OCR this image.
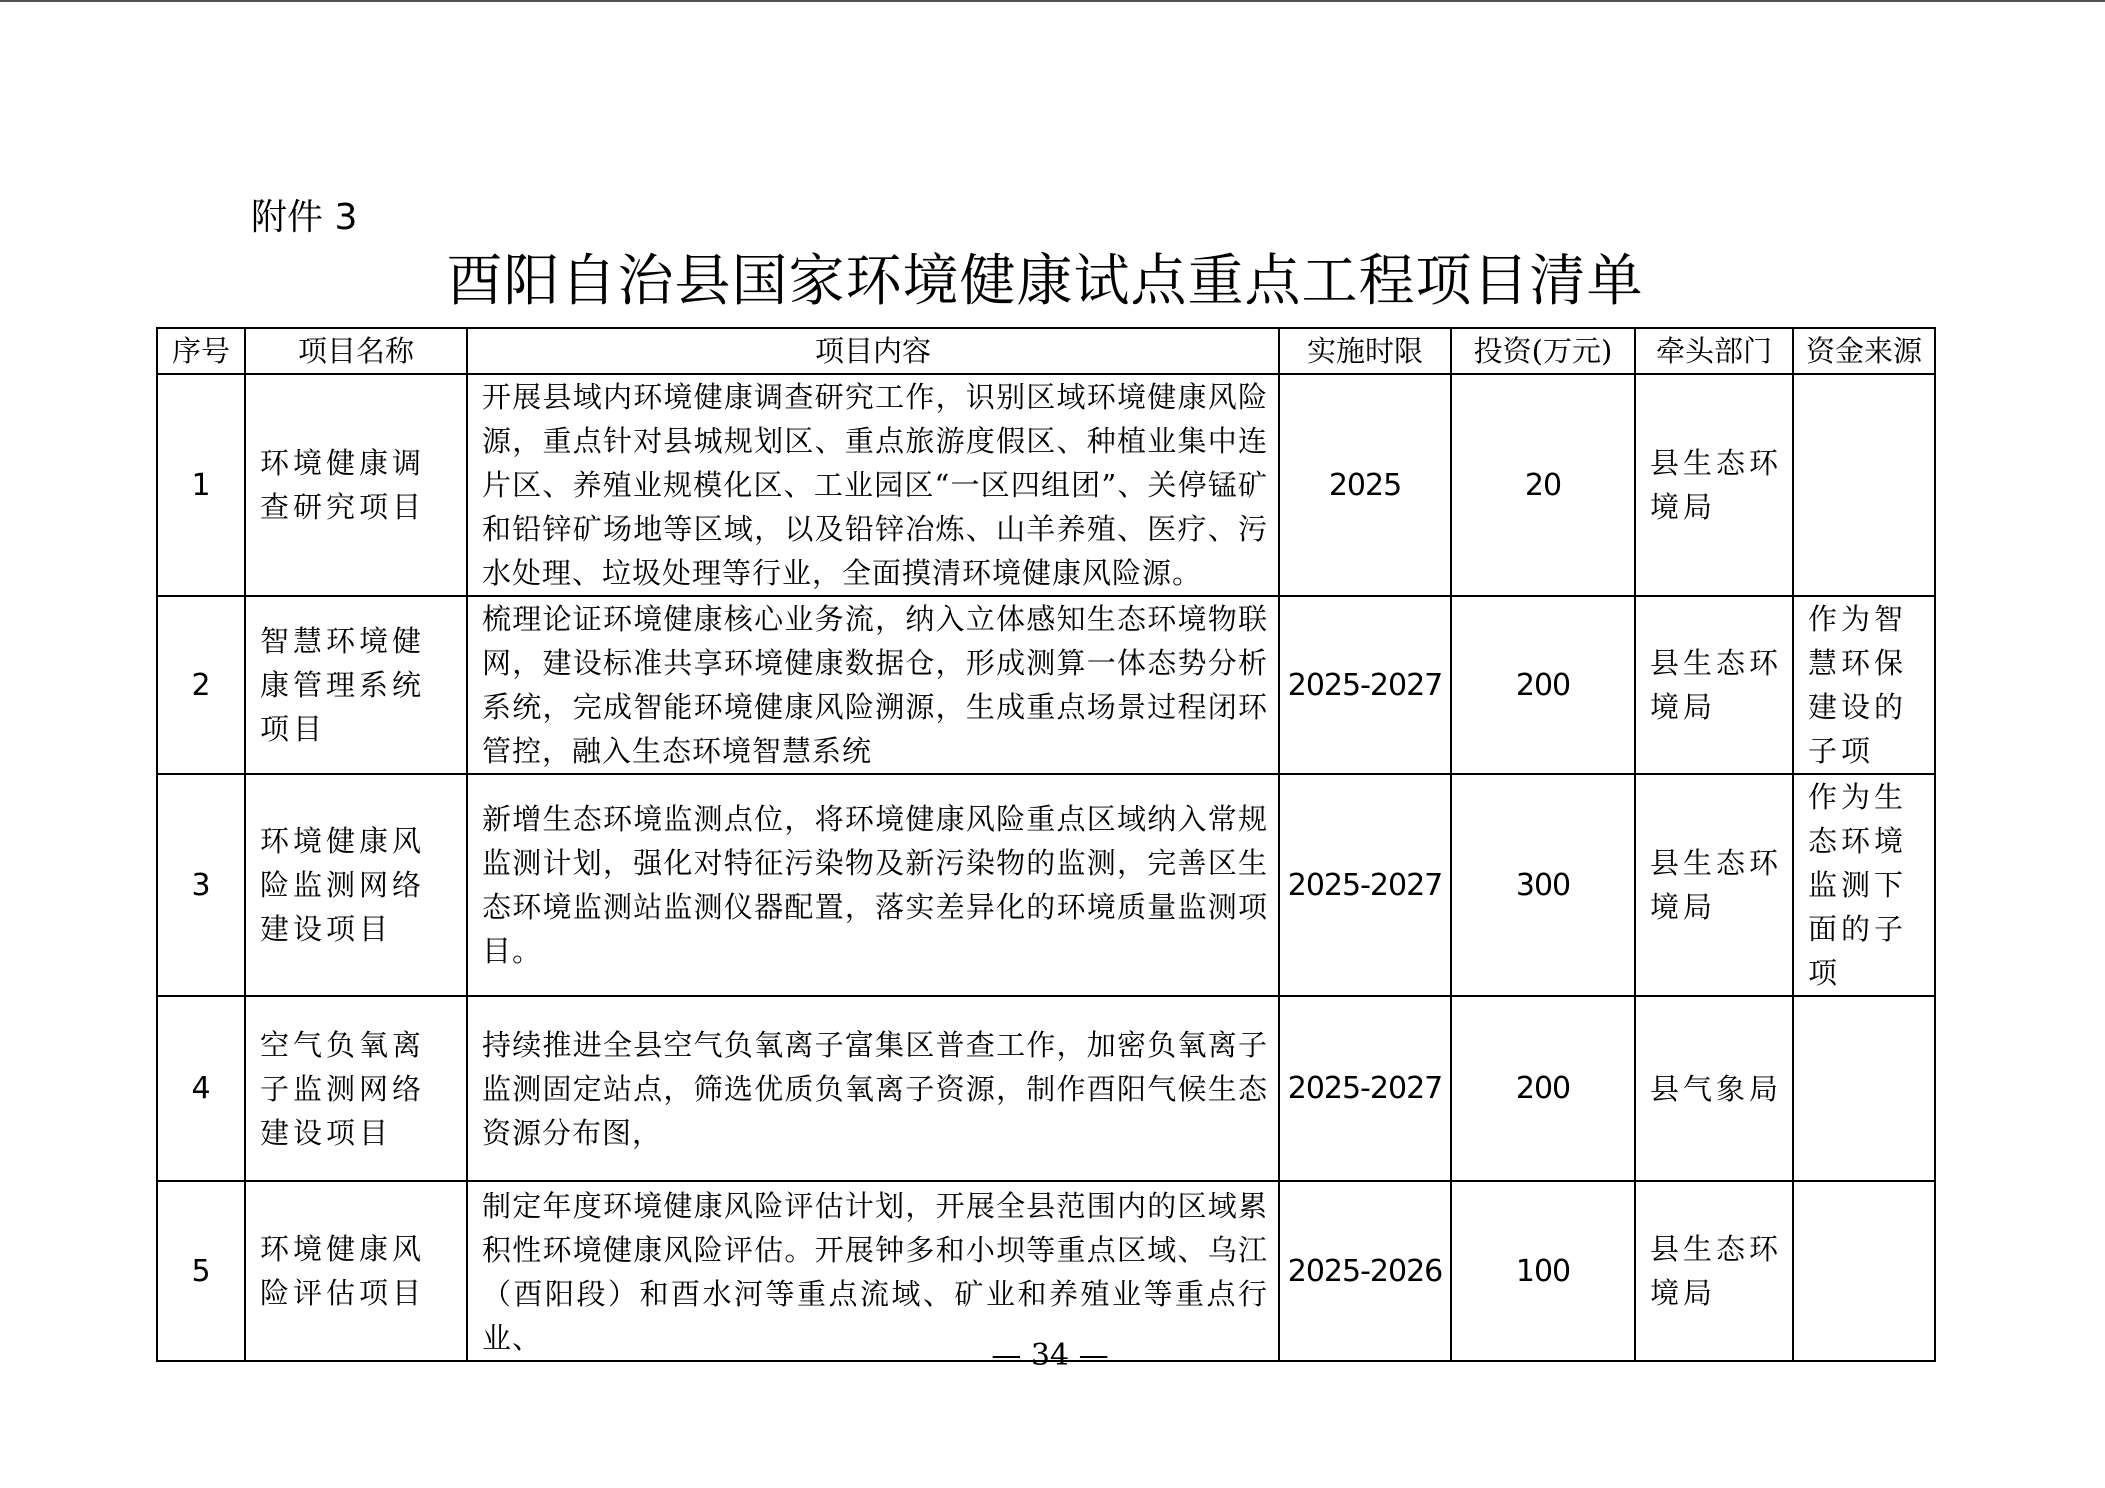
附件 3
酉阳自治县国家环境健康试点重点工程项目清单
序号	项目名称	项目内容	实施时限	投资(万元)	牵头部门	资金来源
1	环境健康调查研究项目	开展县域内环境健康调查研究工作，识别区域环境健康风险源，重点针对县城规划区、重点旅游度假区、种植业集中连片区、养殖业规模化区、工业园区“一区四组团”、关停锰矿和铅锌矿场地等区域，以及铅锌冶炼、山羊养殖、医疗、污水处理、垃圾处理等行业，全面摸清环境健康风险源。	2025	20	县生态环境局	
2	智慧环境健康管理系统项目	梳理论证环境健康核心业务流，纳入立体感知生态环境物联网，建设标准共享环境健康数据仓，形成测算一体态势分析系统，完成智能环境健康风险溯源，生成重点场景过程闭环管控，融入生态环境智慧系统	2025-2027	200	县生态环境局	作为智慧环保建设的子项
3	环境健康风险监测网络建设项目	新增生态环境监测点位，将环境健康风险重点区域纳入常规监测计划，强化对特征污染物及新污染物的监测，完善区生态环境监测站监测仪器配置，落实差异化的环境质量监测项目。	2025-2027	300	县生态环境局	作为生态环境监测下面的子项
4	空气负氧离子监测网络建设项目	持续推进全县空气负氧离子富集区普查工作，加密负氧离子监测固定站点，筛选优质负氧离子资源，制作酉阳气候生态资源分布图，	2025-2027	200	县气象局	
5	环境健康风险评估项目	制定年度环境健康风险评估计划，开展全县范围内的区域累积性环境健康风险评估。开展钟多和小坝等重点区域、乌江（酉阳段）和酉水河等重点流域、矿业和养殖业等重点行业、	2025-2026	100	县生态环境局	
— 34 —
